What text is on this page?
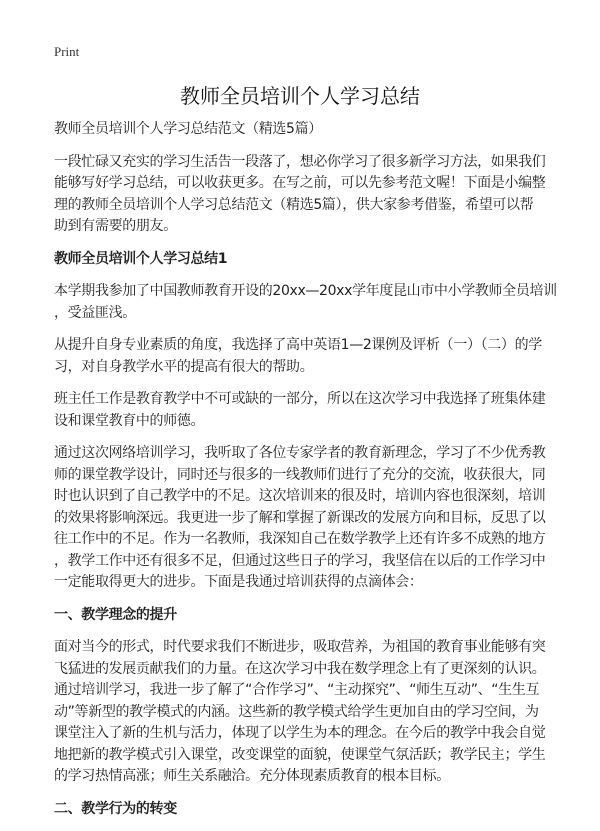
Print
教师全员培训个人学习总结
教师全员培训个人学习总结范文（精选5篇）
一段忙碌又充实的学习生活告一段落了，想必你学习了很多新学习方法，如果我们
能够写好学习总结，可以收获更多。在写之前，可以先参考范文喔！下面是小编整
理的教师全员培训个人学习总结范文（精选5篇），供大家参考借鉴，希望可以帮
助到有需要的朋友。
教师全员培训个人学习总结1
本学期我参加了中国教师教育开设的20xx—20xx学年度昆山市中小学教师全员培训
，受益匪浅。
从提升自身专业素质的角度，我选择了高中英语1—2课例及评析（一）（二）的学
习，对自身教学水平的提高有很大的帮助。
班主任工作是教育教学中不可或缺的一部分，所以在这次学习中我选择了班集体建
设和课堂教育中的师德。
通过这次网络培训学习，我听取了各位专家学者的教育新理念，学习了不少优秀教
师的课堂教学设计，同时还与很多的一线教师们进行了充分的交流，收获很大，同
时也认识到了自己教学中的不足。这次培训来的很及时，培训内容也很深刻，培训
的效果将影响深远。我更进一步了解和掌握了新课改的发展方向和目标，反思了以
往工作中的不足。作为一名教师，我深知自己在数学教学上还有许多不成熟的地方
，教学工作中还有很多不足，但通过这些日子的学习，我坚信在以后的工作学习中
一定能取得更大的进步。下面是我通过培训获得的点滴体会：
一、教学理念的提升
面对当今的形式，时代要求我们不断进步，吸取营养，为祖国的教育事业能够有突
飞猛进的发展贡献我们的力量。在这次学习中我在数学理念上有了更深刻的认识。
通过培训学习，我进一步了解了“合作学习”、“主动探究”、“师生互动”、“生生互
动”等新型的教学模式的内涵。这些新的教学模式给学生更加自由的学习空间，为
课堂注入了新的生机与活力，体现了以学生为本的理念。在今后的教学中我会自觉
地把新的教学模式引入课堂，改变课堂的面貌，使课堂气氛活跃；教学民主；学生
的学习热情高涨；师生关系融洽。充分体现素质教育的根本目标。
二、教学行为的转变
